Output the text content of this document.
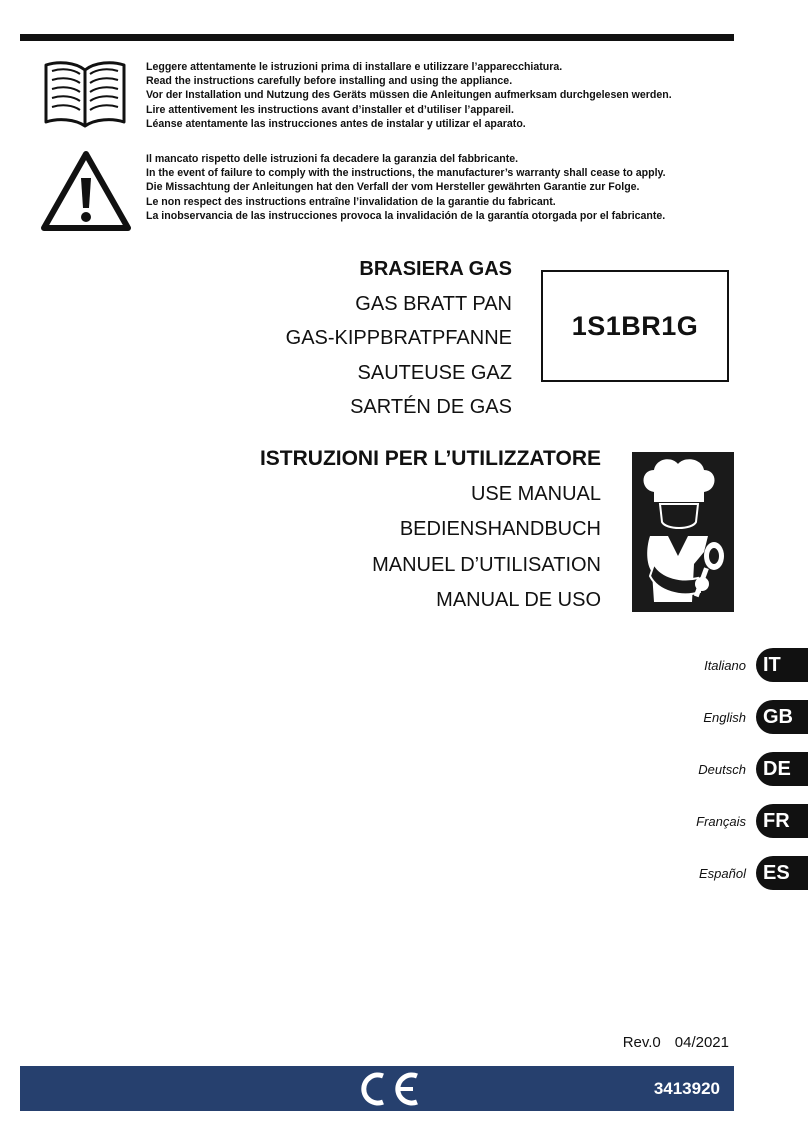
Leggere attentamente le istruzioni prima di installare e utilizzare l’apparecchiatura.
Read the instructions carefully before installing and using the appliance.
Vor der Installation und Nutzung des Geräts müssen die Anleitungen aufmerksam durchgelesen werden.
Lire attentivement les instructions avant d’installer et d’utiliser l’appareil.
Léanse atentamente las instrucciones antes de instalar y utilizar el aparato.
Il mancato rispetto delle istruzioni fa decadere la garanzia del fabbricante.
In the event of failure to comply with the instructions, the manufacturer’s warranty shall cease to apply.
Die Missachtung der Anleitungen hat den Verfall der vom Hersteller gewährten Garantie zur Folge.
Le non respect des instructions entraîne l’invalidation de la garantie du fabricant.
La inobservancia de las instrucciones provoca la invalidación de la garantía otorgada por el fabricante.
BRASIERA GAS
GAS BRATT PAN
GAS-KIPPBRATPFANNE
SAUTEUSE GAZ
SARTÉN DE GAS
1S1BR1G
ISTRUZIONI PER L’UTILIZZATORE
USE MANUAL
BEDIENSHANDBUCH
MANUEL D’UTILISATION
MANUAL DE USO
Italiano IT
English GB
Deutsch DE
Français FR
Español ES
Rev.0 04/2021
3413920
